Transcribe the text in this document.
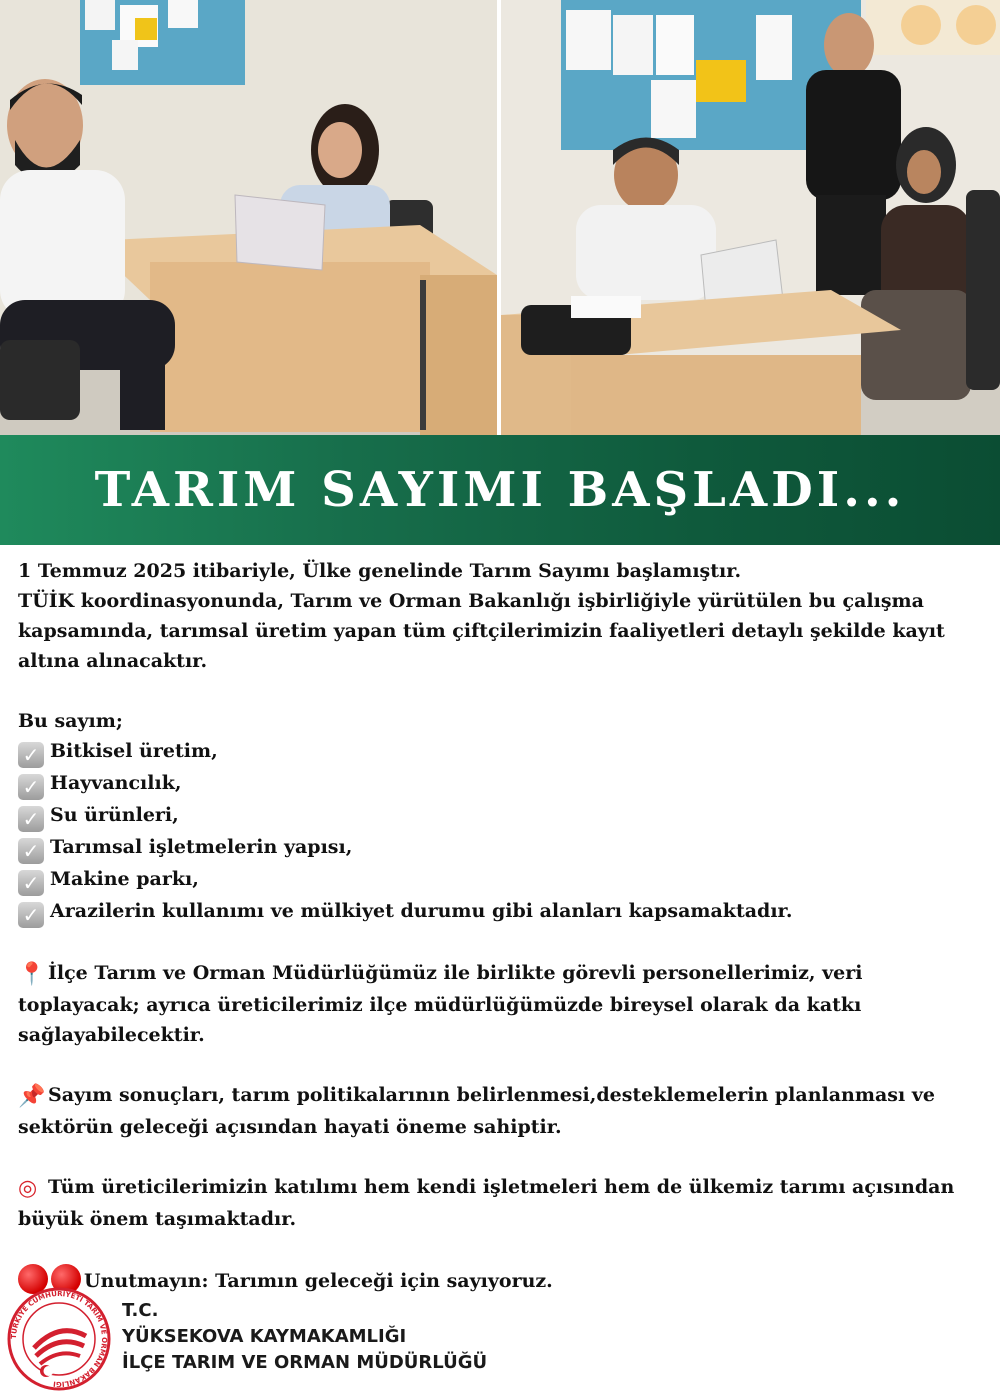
TARIM SAYIMI BAŞLADI...

1 Temmuz 2025 itibariyle, Ülke genelinde Tarım Sayımı başlamıştır.

TÜİK koordinasyonunda, Tarım ve Orman Bakanlığı işbirliğiyle yürütülen bu çalışma kapsamında, tarımsal üretim yapan tüm çiftçilerimizin faaliyetleri detaylı şekilde kayıt altına alınacaktır.

Bu sayım;

✓ Bitkisel üretim,

✓ Hayvancılık,

✓ Su ürünleri,

✓ Tarımsal işletmelerin yapısı,

✓ Makine parkı,

✓ Arazilerin kullanımı ve mülkiyet durumu gibi alanları kapsamaktadır.

📍 İlçe Tarım ve Orman Müdürlüğümüz ile birlikte görevli personellerimiz, veri toplayacak; ayrıca üreticilerimiz ilçe müdürlüğümüzde bireysel olarak da katkı sağlayabilecektir.

📌 Sayım sonuçları, tarım politikalarının belirlenmesi,desteklemelerin planlanması ve sektörün geleceği açısından hayati öneme sahiptir.

◎ Tüm üreticilerimizin katılımı hem kendi işletmeleri hem de ülkemiz tarımı açısından büyük önem taşımaktadır.

Unutmayın: Tarımın geleceği için sayıyoruz.

TÜRKİYE CUMHURİYETİ TARIM VE ORMAN BAKANLIĞI
T.C.
YÜKSEKOVA KAYMAKAMLIĞI
İLÇE TARIM VE ORMAN MÜDÜRLÜĞÜ
